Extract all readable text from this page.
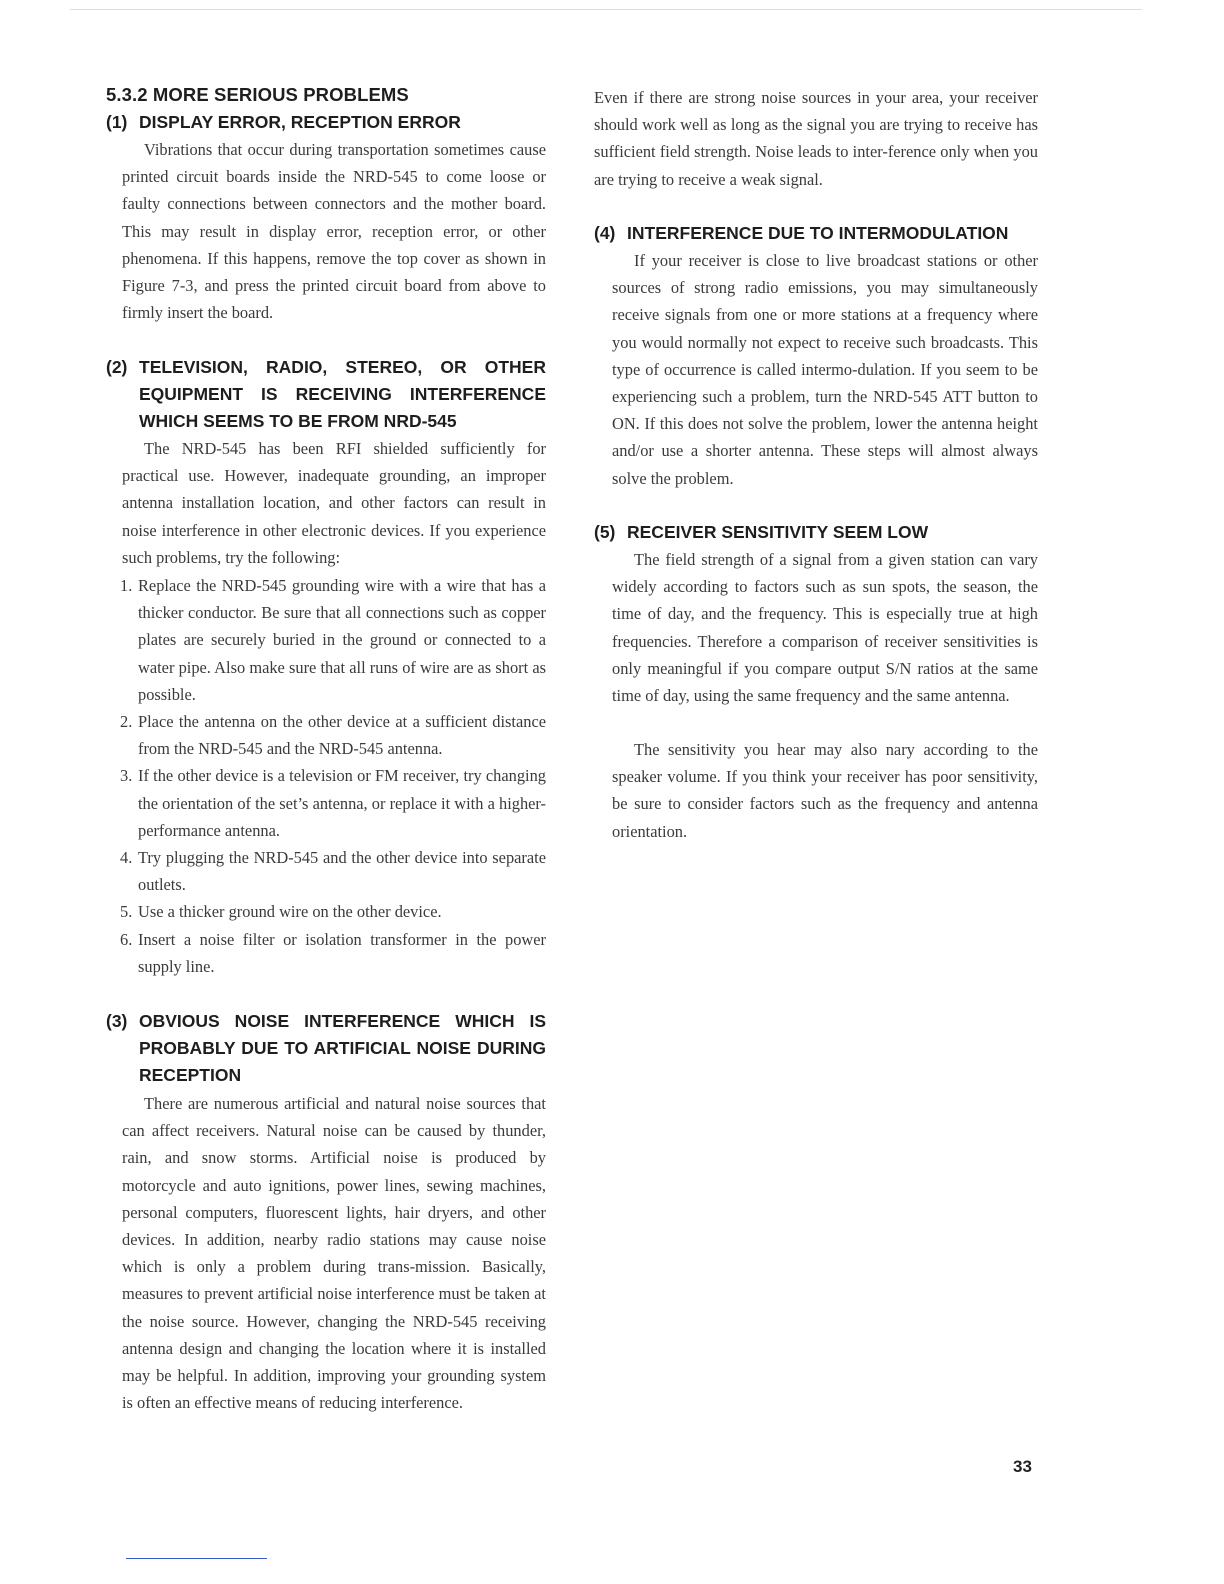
5.3.2 MORE SERIOUS PROBLEMS
(1) DISPLAY ERROR, RECEPTION ERROR
Vibrations that occur during transportation sometimes cause printed circuit boards inside the NRD-545 to come loose or faulty connections between connectors and the mother board. This may result in display error, reception error, or other phenomena. If this happens, remove the top cover as shown in Figure 7-3, and press the printed circuit board from above to firmly insert the board.
(2) TELEVISION, RADIO, STEREO, OR OTHER
EQUIPMENT IS RECEIVING INTERFERENCE
WHICH SEEMS TO BE FROM NRD-545
The NRD-545 has been RFI shielded sufficiently for practical use. However, inadequate grounding, an improper antenna installation location, and other factors can result in noise interference in other electronic devices. If you experience such problems, try the following:
1. Replace the NRD-545 grounding wire with a wire that has a thicker conductor. Be sure that all connections such as copper plates are securely buried in the ground or connected to a water pipe. Also make sure that all runs of wire are as short as possible.
2. Place the antenna on the other device at a sufficient distance from the NRD-545 and the NRD-545 antenna.
3. If the other device is a television or FM receiver, try changing the orientation of the set’s antenna, or replace it with a higher-performance antenna.
4. Try plugging the NRD-545 and the other device into separate outlets.
5. Use a thicker ground wire on the other device.
6. Insert a noise filter or isolation transformer in the power supply line.
(3) OBVIOUS NOISE INTERFERENCE WHICH IS
PROBABLY DUE TO ARTIFICIAL NOISE DURING
RECEPTION
There are numerous artificial and natural noise sources that can affect receivers. Natural noise can be caused by thunder, rain, and snow storms. Artificial noise is produced by motorcycle and auto ignitions, power lines, sewing machines, personal computers, fluorescent lights, hair dryers, and other devices. In addition, nearby radio stations may cause noise which is only a problem during trans-mission. Basically, measures to prevent artificial noise interference must be taken at the noise source. However, changing the NRD-545 receiving antenna design and changing the location where it is installed may be helpful. In addition, improving your grounding system is often an effective means of reducing interference.
Even if there are strong noise sources in your area, your receiver should work well as long as the signal you are trying to receive has sufficient field strength. Noise leads to inter-ference only when you are trying to receive a weak signal.
(4) INTERFERENCE DUE TO INTERMODULATION
If your receiver is close to live broadcast stations or other sources of strong radio emissions, you may simultaneously receive signals from one or more stations at a frequency where you would normally not expect to receive such broadcasts. This type of occurrence is called intermo-dulation. If you seem to be experiencing such a problem, turn the NRD-545 ATT button to ON. If this does not solve the problem, lower the antenna height and/or use a shorter antenna. These steps will almost always solve the problem.
(5) RECEIVER SENSITIVITY SEEM LOW
The field strength of a signal from a given station can vary widely according to factors such as sun spots, the season, the time of day, and the frequency. This is especially true at high frequencies. Therefore a comparison of receiver sensitivities is only meaningful if you compare output S/N ratios at the same time of day, using the same frequency and the same antenna.
The sensitivity you hear may also nary according to the speaker volume. If you think your receiver has poor sensitivity, be sure to consider factors such as the frequency and antenna orientation.
33
